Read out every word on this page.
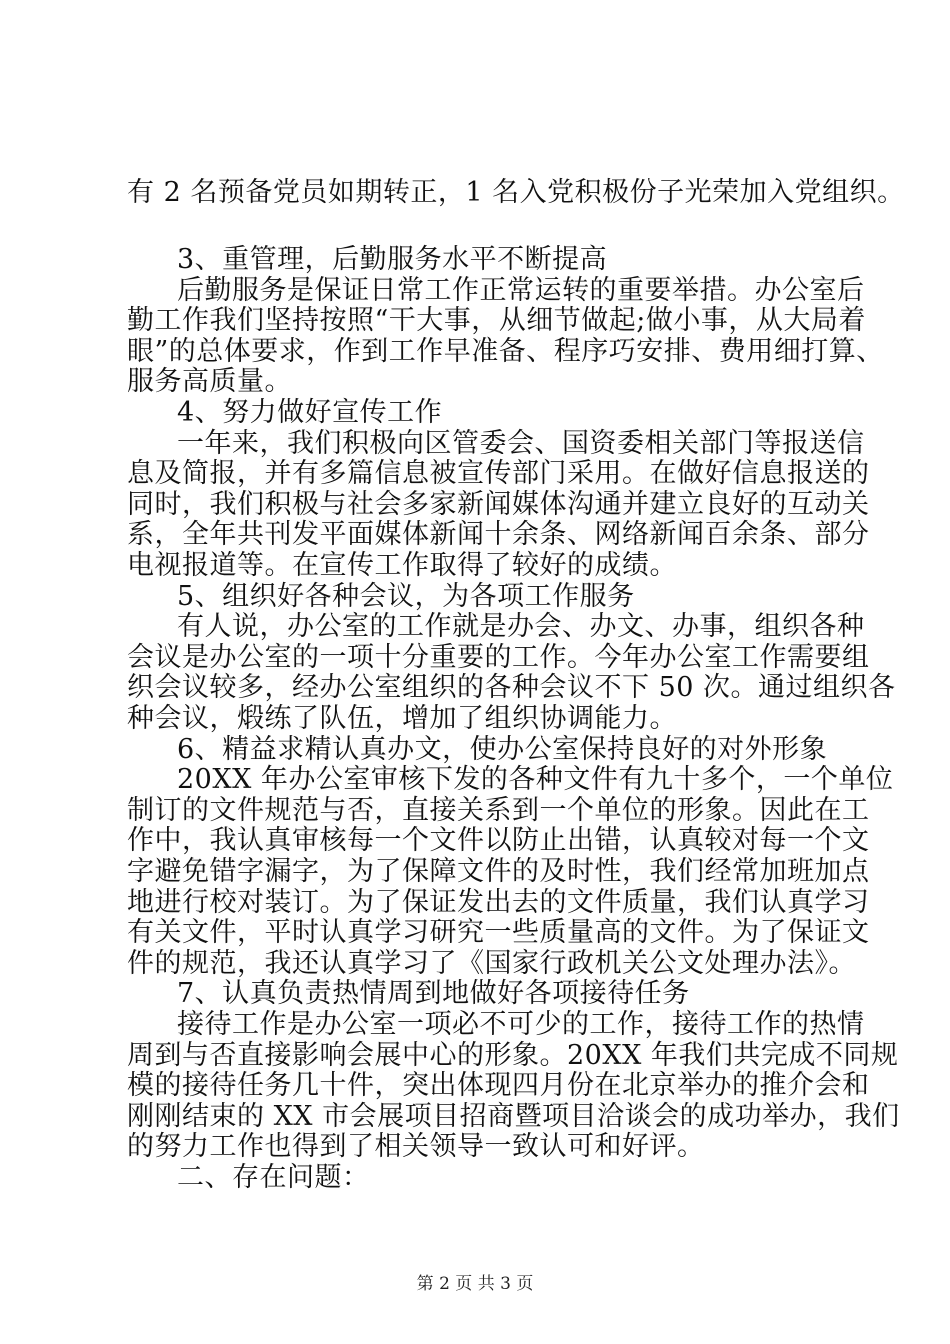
有 2 名预备党员如期转正，1 名入党积极份子光荣加入党组织。
3、重管理，后勤服务水平不断提高
后勤服务是保证日常工作正常运转的重要举措。办公室后
勤工作我们坚持按照“干大事，从细节做起;做小事，从大局着
眼”的总体要求，作到工作早准备、程序巧安排、费用细打算、
服务高质量。
4、努力做好宣传工作
一年来，我们积极向区管委会、国资委相关部门等报送信
息及简报，并有多篇信息被宣传部门采用。在做好信息报送的
同时，我们积极与社会多家新闻媒体沟通并建立良好的互动关
系，全年共刊发平面媒体新闻十余条、网络新闻百余条、部分
电视报道等。在宣传工作取得了较好的成绩。
5、组织好各种会议，为各项工作服务
有人说，办公室的工作就是办会、办文、办事，组织各种
会议是办公室的一项十分重要的工作。今年办公室工作需要组
织会议较多，经办公室组织的各种会议不下 50 次。通过组织各
种会议，煅练了队伍，增加了组织协调能力。
6、精益求精认真办文，使办公室保持良好的对外形象
20XX 年办公室审核下发的各种文件有九十多个，一个单位
制订的文件规范与否，直接关系到一个单位的形象。因此在工
作中，我认真审核每一个文件以防止出错，认真较对每一个文
字避免错字漏字，为了保障文件的及时性，我们经常加班加点
地进行校对装订。为了保证发出去的文件质量，我们认真学习
有关文件，平时认真学习研究一些质量高的文件。为了保证文
件的规范，我还认真学习了《国家行政机关公文处理办法》。
7、认真负责热情周到地做好各项接待任务
接待工作是办公室一项必不可少的工作，接待工作的热情
周到与否直接影响会展中心的形象。20XX 年我们共完成不同规
模的接待任务几十件，突出体现四月份在北京举办的推介会和
刚刚结束的 XX 市会展项目招商暨项目洽谈会的成功举办，我们
的努力工作也得到了相关领导一致认可和好评。
二、存在问题：
第 2 页 共 3 页
